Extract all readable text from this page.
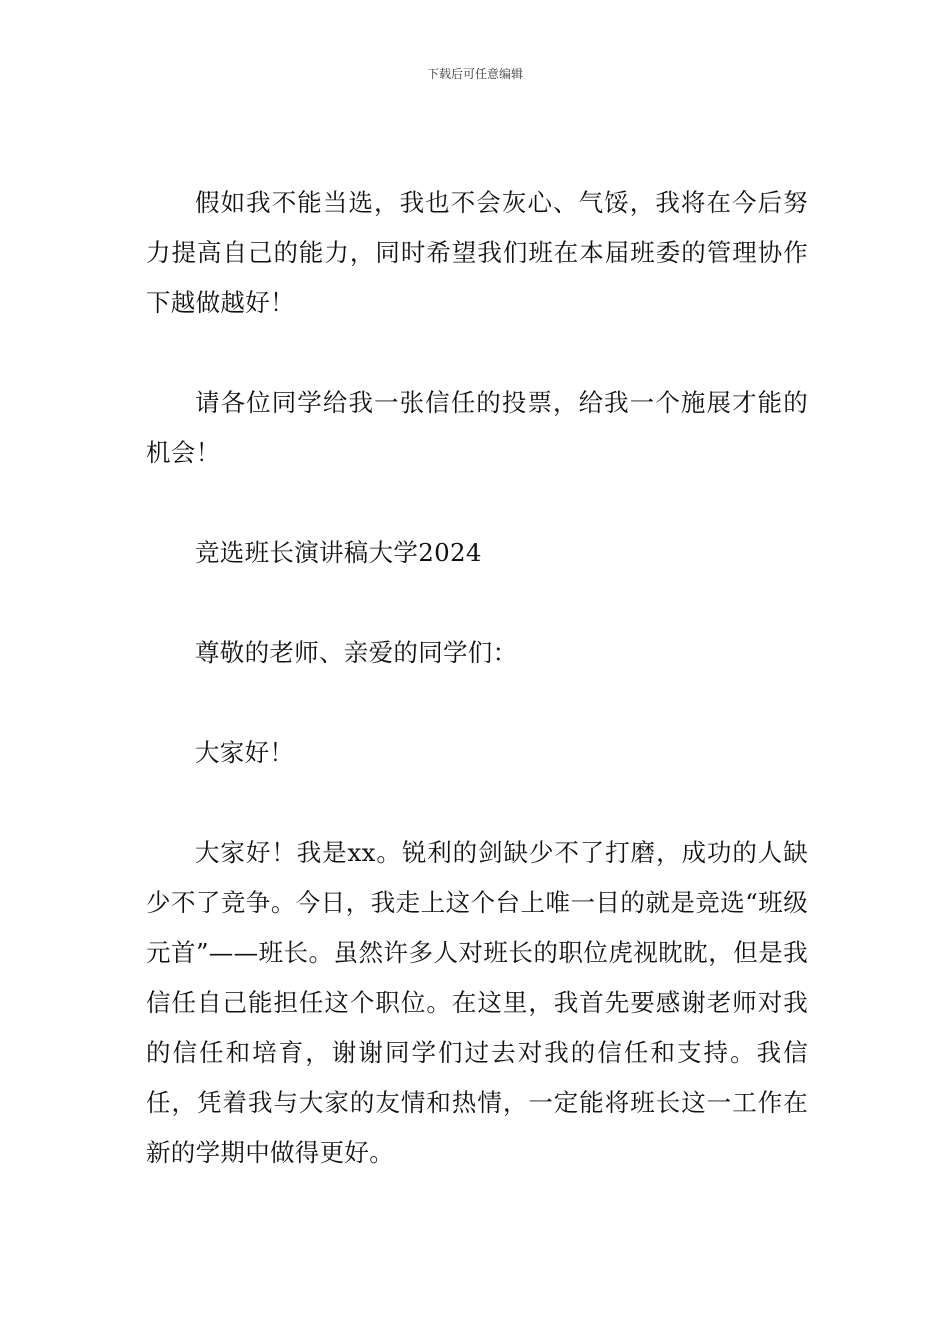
下载后可任意编辑

假如我不能当选，我也不会灰心、气馁，我将在今后努力提高自己的能力，同时希望我们班在本届班委的管理协作下越做越好！

请各位同学给我一张信任的投票，给我一个施展才能的机会！

竞选班长演讲稿大学2024

尊敬的老师、亲爱的同学们：

大家好！

大家好！我是xx。锐利的剑缺少不了打磨，成功的人缺少不了竞争。今日，我走上这个台上唯一目的就是竞选“班级元首”——班长。虽然许多人对班长的职位虎视眈眈，但是我信任自己能担任这个职位。在这里，我首先要感谢老师对我的信任和培育，谢谢同学们过去对我的信任和支持。我信任，凭着我与大家的友情和热情，一定能将班长这一工作在新的学期中做得更好。
